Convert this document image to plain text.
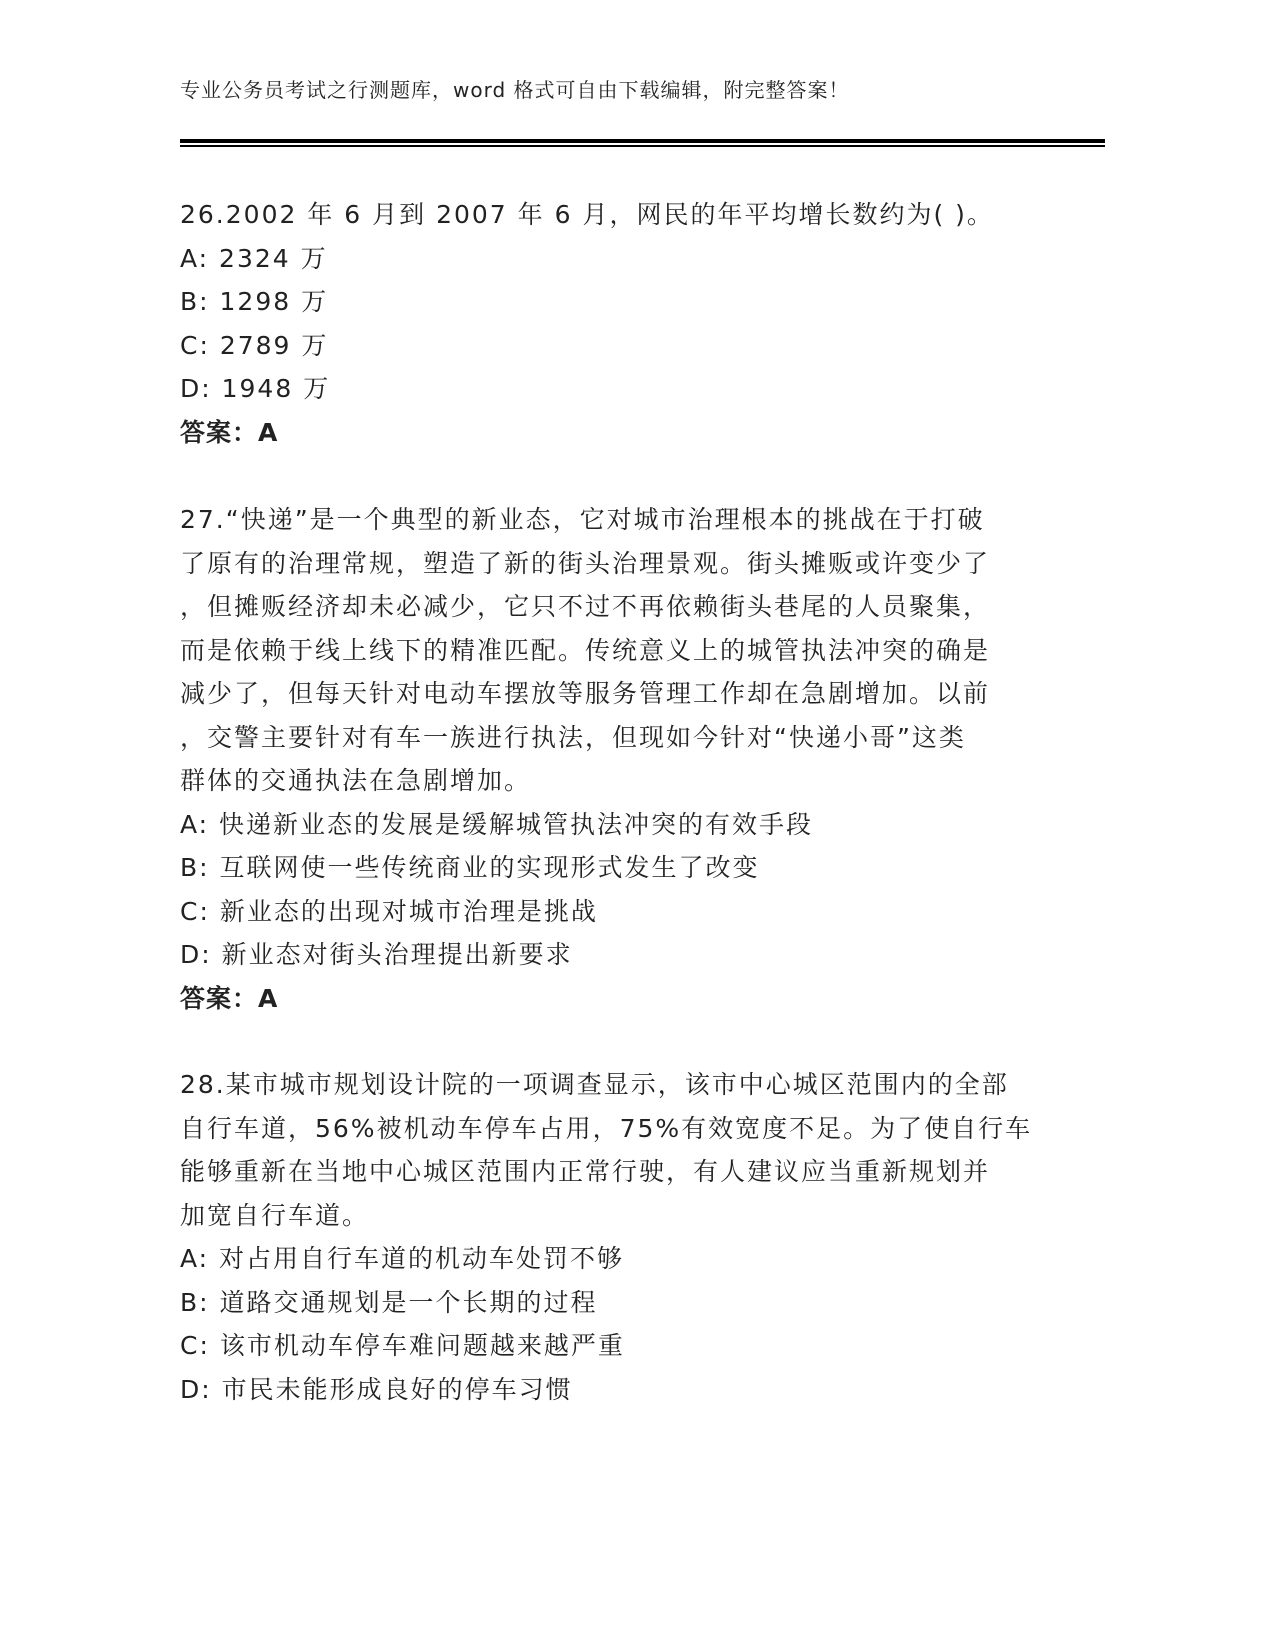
专业公务员考试之行测题库，word 格式可自由下载编辑，附完整答案！
26.2002 年 6 月到 2007 年 6 月，网民的年平均增长数约为( )。
A: 2324 万
B: 1298 万
C: 2789 万
D: 1948 万
答案：A
27.“快递”是一个典型的新业态，它对城市治理根本的挑战在于打破
了原有的治理常规，塑造了新的街头治理景观。街头摊贩或许变少了
，但摊贩经济却未必减少，它只不过不再依赖街头巷尾的人员聚集，
而是依赖于线上线下的精准匹配。传统意义上的城管执法冲突的确是
减少了，但每天针对电动车摆放等服务管理工作却在急剧增加。以前
，交警主要针对有车一族进行执法，但现如今针对“快递小哥”这类
群体的交通执法在急剧增加。
A: 快递新业态的发展是缓解城管执法冲突的有效手段
B: 互联网使一些传统商业的实现形式发生了改变
C: 新业态的出现对城市治理是挑战
D: 新业态对街头治理提出新要求
答案：A
28.某市城市规划设计院的一项调查显示，该市中心城区范围内的全部
自行车道，56%被机动车停车占用，75%有效宽度不足。为了使自行车
能够重新在当地中心城区范围内正常行驶，有人建议应当重新规划并
加宽自行车道。
A: 对占用自行车道的机动车处罚不够
B: 道路交通规划是一个长期的过程
C: 该市机动车停车难问题越来越严重
D: 市民未能形成良好的停车习惯
